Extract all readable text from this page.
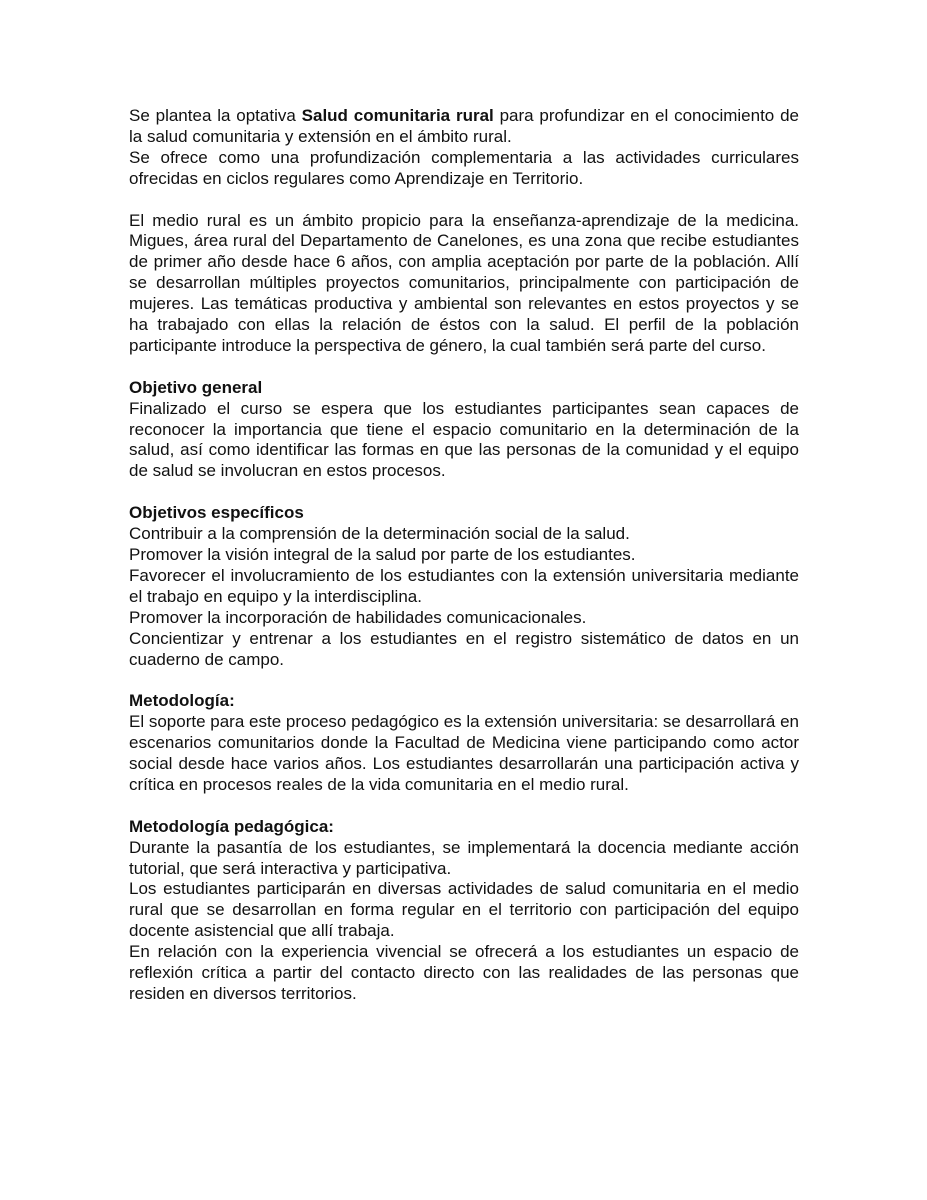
Se plantea la optativa Salud comunitaria rural para profundizar en el conocimiento de la salud comunitaria y extensión en el ámbito rural.

Se ofrece como una profundización complementaria a las actividades curriculares ofrecidas en ciclos regulares como Aprendizaje en Territorio.

El medio rural es un ámbito propicio para la enseñanza-aprendizaje de la medicina. Migues, área rural del Departamento de Canelones, es una zona que recibe estudiantes de primer año desde hace 6 años, con amplia aceptación por parte de la población. Allí se desarrollan múltiples proyectos comunitarios, principalmente con participación de mujeres. Las temáticas productiva y ambiental son relevantes en estos proyectos y se ha trabajado con ellas la relación de éstos con la salud. El perfil de la población participante introduce la perspectiva de género, la cual también será parte del curso.

Objetivo general

Finalizado el curso se espera que los estudiantes participantes sean capaces de reconocer la importancia que tiene el espacio comunitario en la determinación de la salud, así como identificar las formas en que las personas de la comunidad y el equipo de salud se involucran en estos procesos.

Objetivos específicos

Contribuir a la comprensión de la determinación social de la salud.

Promover la visión integral de la salud por parte de los estudiantes.

Favorecer el involucramiento de los estudiantes con la extensión universitaria mediante el trabajo en equipo y la interdisciplina.

Promover la incorporación de habilidades comunicacionales.

Concientizar y entrenar a los estudiantes en el registro sistemático de datos en un cuaderno de campo.

Metodología:

El soporte para este proceso pedagógico es la extensión universitaria: se desarrollará en escenarios comunitarios donde la Facultad de Medicina viene participando como actor social desde hace varios años. Los estudiantes desarrollarán una participación activa y crítica en procesos reales de la vida comunitaria en el medio rural.

Metodología pedagógica:

Durante la pasantía de los estudiantes, se implementará la docencia mediante acción tutorial, que será interactiva y participativa.

Los estudiantes participarán en diversas actividades de salud comunitaria en el medio rural que se desarrollan en forma regular en el territorio con participación del equipo docente asistencial que allí trabaja.

En relación con la experiencia vivencial se ofrecerá a los estudiantes un espacio de reflexión crítica a partir del contacto directo con las realidades de las personas que residen en diversos territorios.
